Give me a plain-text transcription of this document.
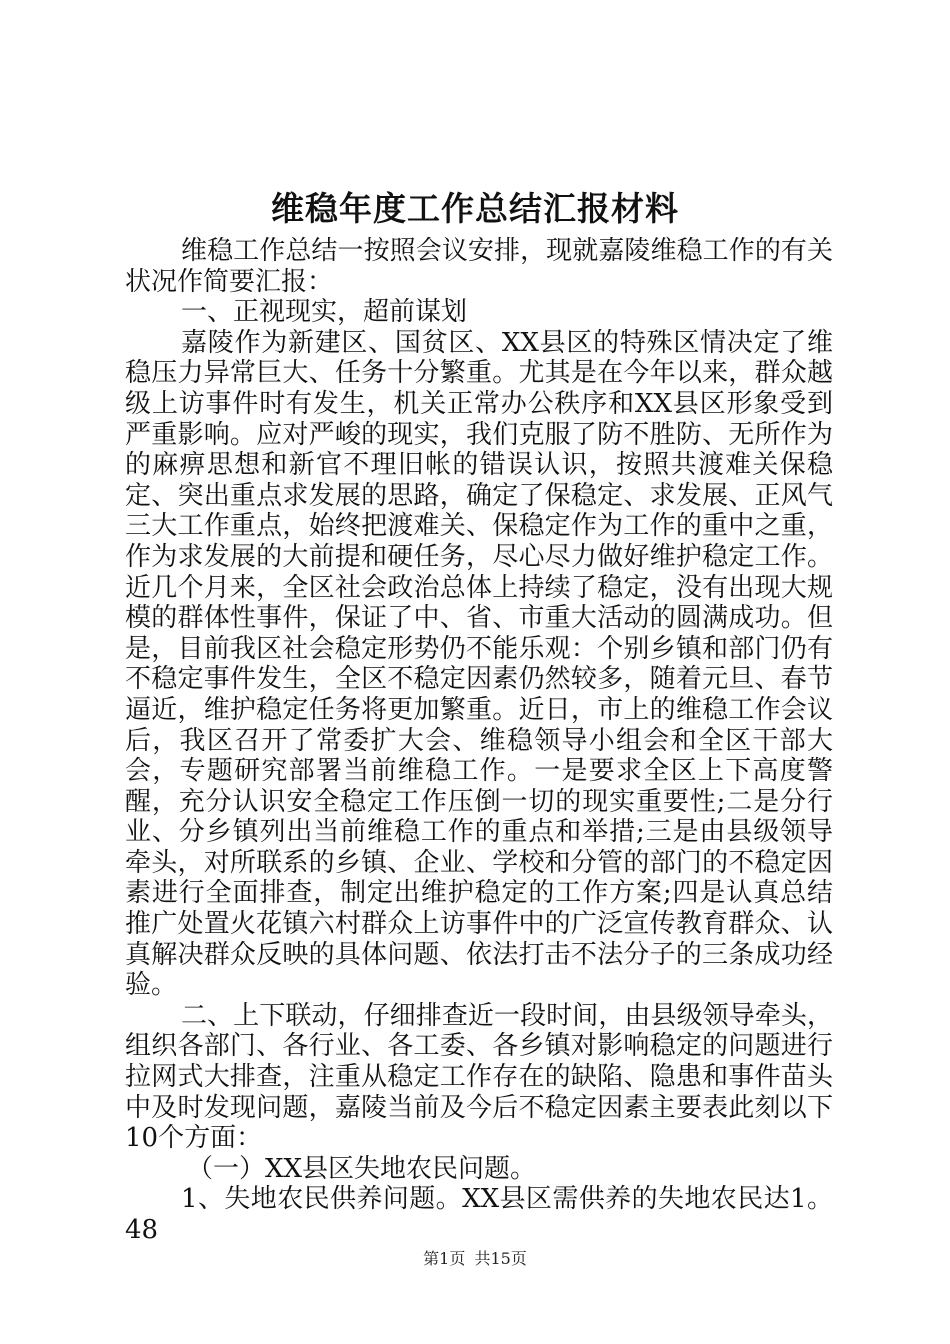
维稳年度工作总结汇报材料

维稳工作总结一按照会议安排，现就嘉陵维稳工作的有关状况作简要汇报：

一、正视现实，超前谋划

嘉陵作为新建区、国贫区、XX县区的特殊区情决定了维稳压力异常巨大、任务十分繁重。尤其是在今年以来，群众越级上访事件时有发生，机关正常办公秩序和XX县区形象受到严重影响。应对严峻的现实，我们克服了防不胜防、无所作为的麻痹思想和新官不理旧帐的错误认识，按照共渡难关保稳定、突出重点求发展的思路，确定了保稳定、求发展、正风气三大工作重点，始终把渡难关、保稳定作为工作的重中之重，作为求发展的大前提和硬任务，尽心尽力做好维护稳定工作。近几个月来，全区社会政治总体上持续了稳定，没有出现大规模的群体性事件，保证了中、省、市重大活动的圆满成功。但是，目前我区社会稳定形势仍不能乐观：个别乡镇和部门仍有不稳定事件发生，全区不稳定因素仍然较多，随着元旦、春节逼近，维护稳定任务将更加繁重。近日，市上的维稳工作会议后，我区召开了常委扩大会、维稳领导小组会和全区干部大会，专题研究部署当前维稳工作。一是要求全区上下高度警醒，充分认识安全稳定工作压倒一切的现实重要性;二是分行业、分乡镇列出当前维稳工作的重点和举措;三是由县级领导牵头，对所联系的乡镇、企业、学校和分管的部门的不稳定因素进行全面排查，制定出维护稳定的工作方案;四是认真总结推广处置火花镇六村群众上访事件中的广泛宣传教育群众、认真解决群众反映的具体问题、依法打击不法分子的三条成功经验。

二、上下联动，仔细排查近一段时间，由县级领导牵头，组织各部门、各行业、各工委、各乡镇对影响稳定的问题进行拉网式大排查，注重从稳定工作存在的缺陷、隐患和事件苗头中及时发现问题，嘉陵当前及今后不稳定因素主要表此刻以下10个方面：

（一）XX县区失地农民问题。

1、失地农民供养问题。XX县区需供养的失地农民达1。48

第1页 共15页
